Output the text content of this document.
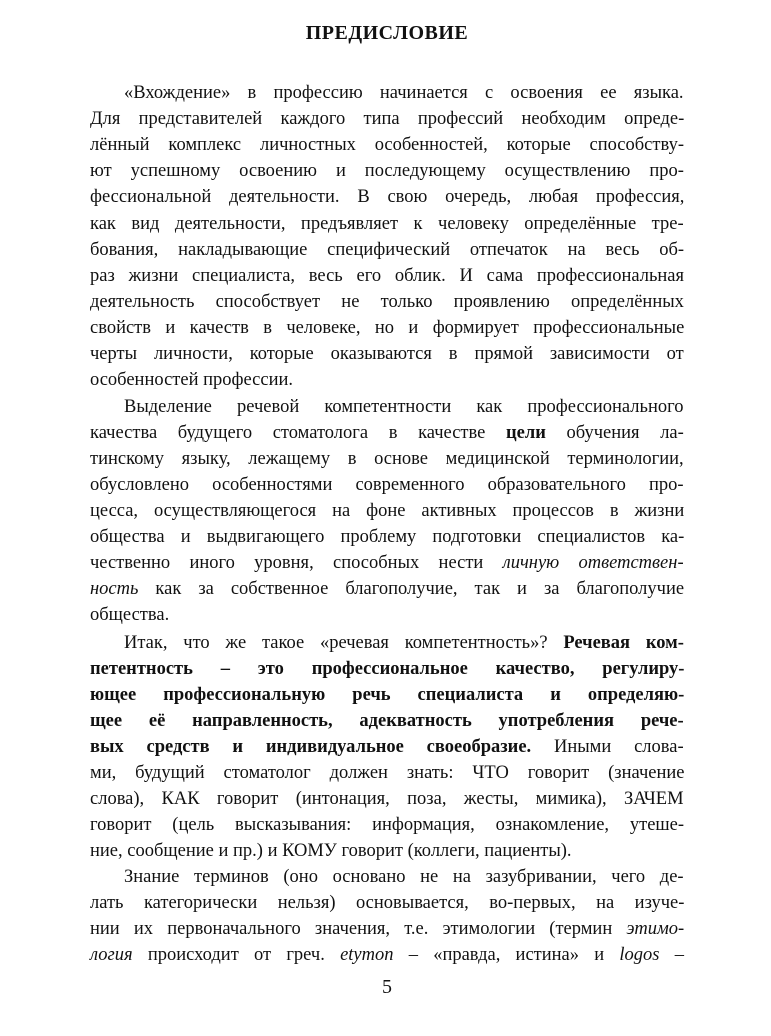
ПРЕДИСЛОВИЕ
«Вхождение» в профессию начинается с освоения ее языка.
Для представителей каждого типа профессий необходим опреде-
лённый комплекс личностных особенностей, которые способству-
ют успешному освоению и последующему осуществлению про-
фессиональной деятельности. В свою очередь, любая профессия,
как вид деятельности, предъявляет к человеку определённые тре-
бования, накладывающие специфический отпечаток на весь об-
раз жизни специалиста, весь его облик. И сама профессиональная
деятельность способствует не только проявлению определённых
свойств и качеств в человеке, но и формирует профессиональные
черты личности, которые оказываются в прямой зависимости от
особенностей профессии.
Выделение речевой компетентности как профессионального
качества будущего стоматолога в качестве цели обучения ла-
тинскому языку, лежащему в основе медицинской терминологии,
обусловлено особенностями современного образовательного про-
цесса, осуществляющегося на фоне активных процессов в жизни
общества и выдвигающего проблему подготовки специалистов ка-
чественно иного уровня, способных нести личную ответствен-
ность как за собственное благополучие, так и за благополучие
общества.
Итак, что же такое «речевая компетентность»? Речевая ком-
петентность – это профессиональное качество, регулиру-
ющее профессиональную речь специалиста и определяю-
щее её направленность, адекватность употребления рече-
вых средств и индивидуальное своеобразие. Иными слова-
ми, будущий стоматолог должен знать: ЧТО говорит (значение
слова), КАК говорит (интонация, поза, жесты, мимика), ЗАЧЕМ
говорит (цель высказывания: информация, ознакомление, утеше-
ние, сообщение и пр.) и КОМУ говорит (коллеги, пациенты).
Знание терминов (оно основано не на зазубривании, чего де-
лать категорически нельзя) основывается, во-первых, на изуче-
нии их первоначального значения, т.е. этимологии (термин этимо-
логия происходит от греч. etymon – «правда, истина» и logos –
5
